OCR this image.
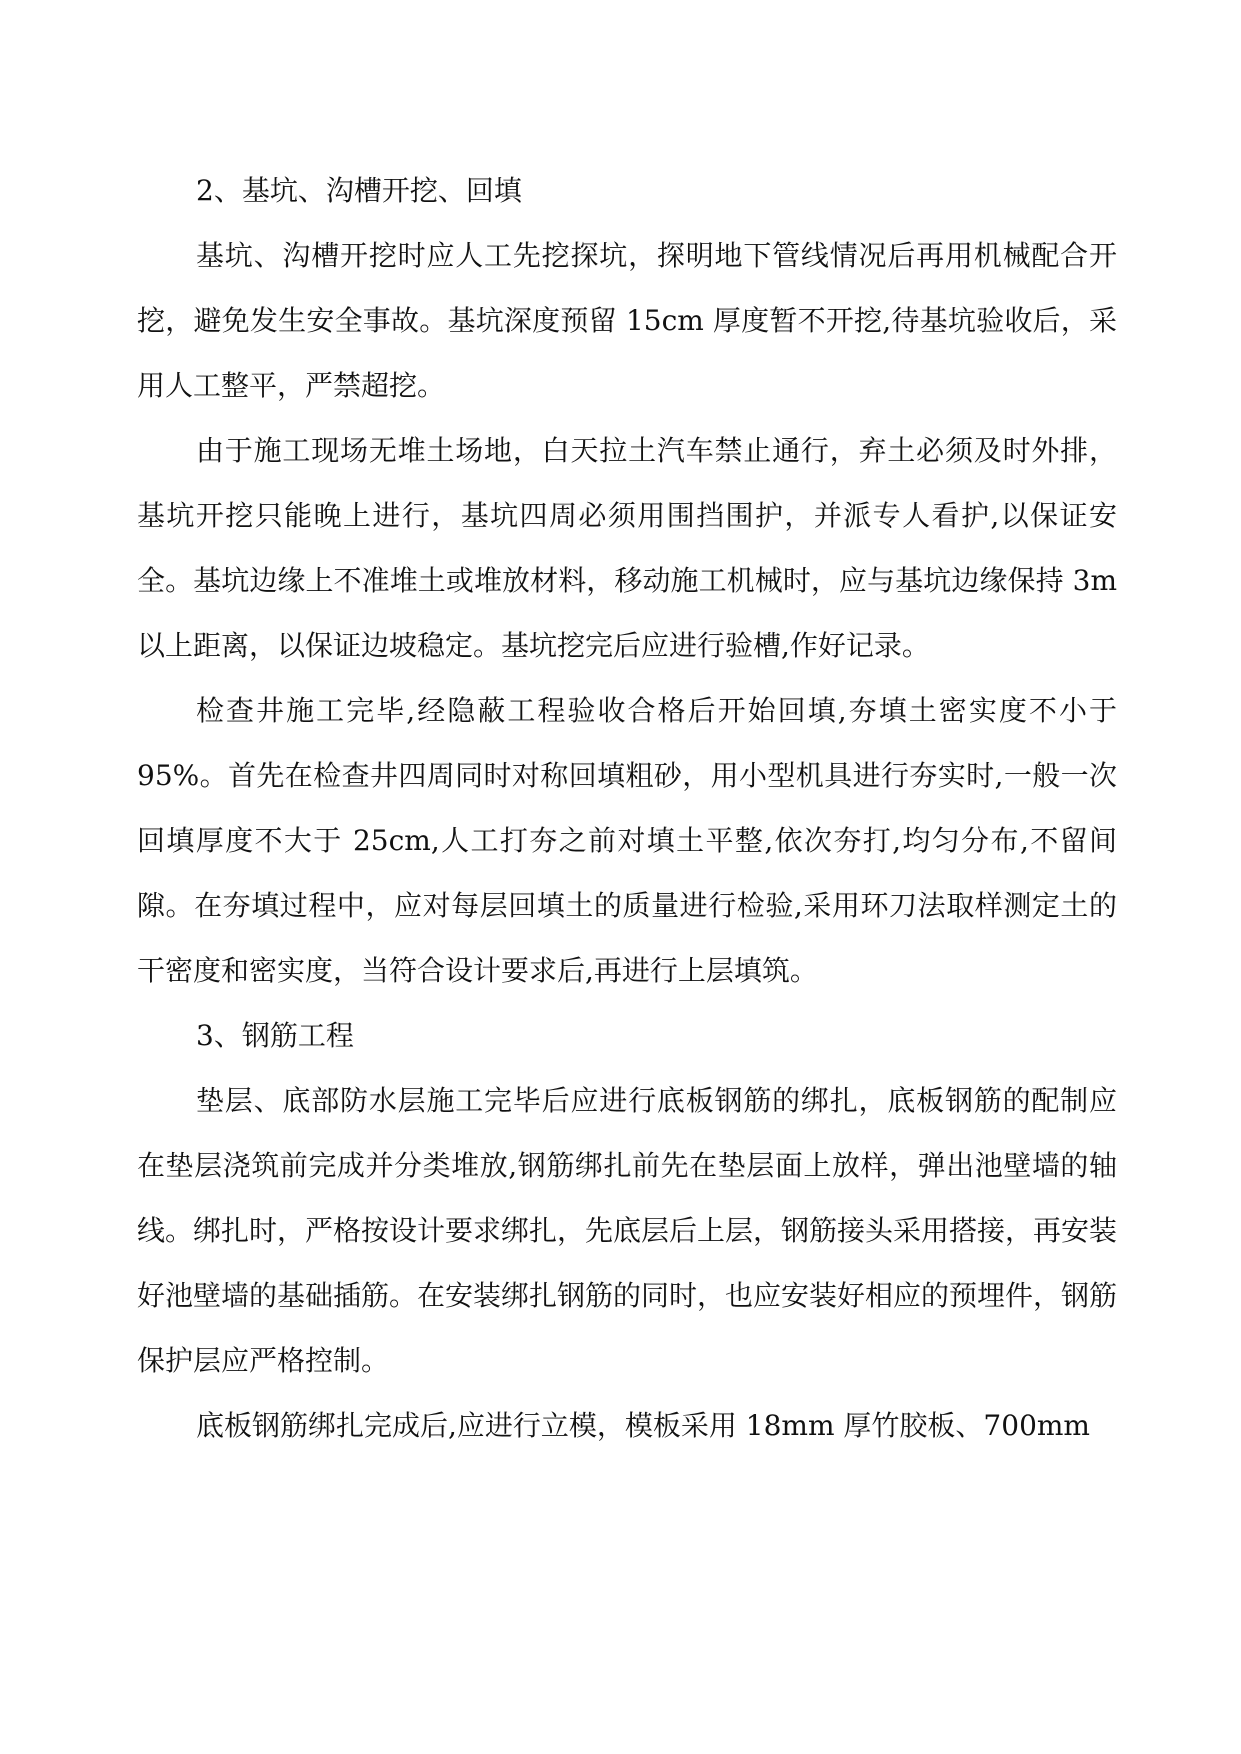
2、基坑、沟槽开挖、回填

基坑、沟槽开挖时应人工先挖探坑，探明地下管线情况后再用机械配合开挖，避免发生安全事故。基坑深度预留 15cm 厚度暂不开挖,待基坑验收后，采用人工整平，严禁超挖。

由于施工现场无堆土场地，白天拉土汽车禁止通行，弃土必须及时外排，基坑开挖只能晚上进行，基坑四周必须用围挡围护，并派专人看护,以保证安全。基坑边缘上不准堆土或堆放材料，移动施工机械时，应与基坑边缘保持 3m 以上距离，以保证边坡稳定。基坑挖完后应进行验槽,作好记录。

检查井施工完毕,经隐蔽工程验收合格后开始回填,夯填土密实度不小于 95%。首先在检查井四周同时对称回填粗砂，用小型机具进行夯实时,一般一次回填厚度不大于 25cm,人工打夯之前对填土平整,依次夯打,均匀分布,不留间隙。在夯填过程中，应对每层回填土的质量进行检验,采用环刀法取样测定土的干密度和密实度，当符合设计要求后,再进行上层填筑。

3、钢筋工程

垫层、底部防水层施工完毕后应进行底板钢筋的绑扎，底板钢筋的配制应在垫层浇筑前完成并分类堆放,钢筋绑扎前先在垫层面上放样，弹出池壁墙的轴线。绑扎时，严格按设计要求绑扎，先底层后上层，钢筋接头采用搭接，再安装好池壁墙的基础插筋。在安装绑扎钢筋的同时，也应安装好相应的预埋件，钢筋保护层应严格控制。

底板钢筋绑扎完成后,应进行立模，模板采用 18mm 厚竹胶板、700mm
